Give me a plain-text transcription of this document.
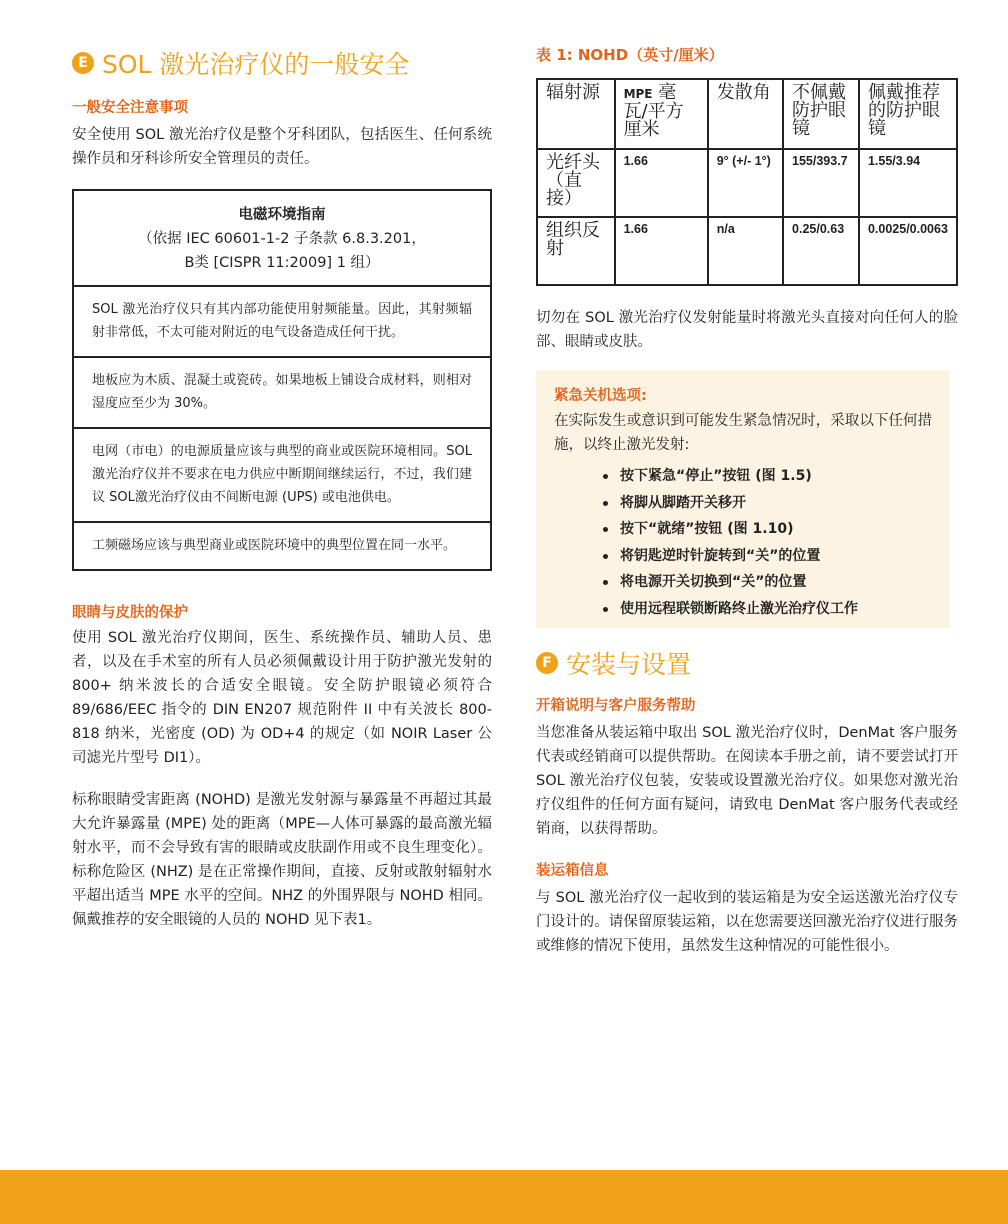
E SOL 激光治疗仪的一般安全
一般安全注意事项

安全使用 SOL 激光治疗仪是整个牙科团队，包括医生、任何系统操作员和牙科诊所安全管理员的责任。

电磁环境指南
（依据 IEC 60601-1-2 子条款 6.8.3.201，
B类 [CISPR 11:2009] 1 组）
SOL 激光治疗仪只有其内部功能使用射频能量。因此，其射频辐射非常低，不太可能对附近的电气设备造成任何干扰。
地板应为木质、混凝土或瓷砖。如果地板上铺设合成材料，则相对湿度应至少为 30%。
电网（市电）的电源质量应该与典型的商业或医院环境相同。SOL激光治疗仪并不要求在电力供应中断期间继续运行，不过，我们建议 SOL激光治疗仪由不间断电源 (UPS) 或电池供电。
工频磁场应该与典型商业或医院环境中的典型位置在同一水平。
眼睛与皮肤的保护

使用 SOL 激光治疗仪期间，医生、系统操作员、辅助人员、患者，以及在手术室的所有人员必须佩戴设计用于防护激光发射的 800+ 纳米波长的合适安全眼镜。安全防护眼镜必须符合 89/686/EEC 指令的 DIN EN207 规范附件 II 中有关波长 800-818 纳米，光密度 (OD) 为 OD+4 的规定（如 NOIR Laser 公司滤光片型号 DI1）。

标称眼睛受害距离 (NOHD) 是激光发射源与暴露量不再超过其最大允许暴露量 (MPE) 处的距离（MPE—人体可暴露的最高激光辐射水平，而不会导致有害的眼睛或皮肤副作用或不良生理变化）。标称危险区 (NHZ) 是在正常操作期间，直接、反射或散射辐射水平超出适当 MPE 水平的空间。NHZ 的外围界限与 NOHD 相同。佩戴推荐的安全眼镜的人员的 NOHD 见下表1。

表 1: NOHD（英寸/厘米）
辐射源	MPE 毫瓦/平方厘米	发散角	不佩戴防护眼镜	佩戴推荐的防护眼镜
光纤头（直接）	1.66	9° (+/- 1°)	155/393.7	1.55/3.94
组织反射	1.66	n/a	0.25/0.63	0.0025/0.0063

切勿在 SOL 激光治疗仪发射能量时将激光头直接对向任何人的脸部、眼睛或皮肤。

紧急关机选项:

在实际发生或意识到可能发生紧急情况时，采取以下任何措施，以终止激光发射:

按下紧急“停止”按钮 (图 1.5)
将脚从脚踏开关移开
按下“就绪”按钮 (图 1.10)
将钥匙逆时针旋转到“关”的位置
将电源开关切换到“关”的位置
使用远程联锁断路终止激光治疗仪工作
F 安装与设置
开箱说明与客户服务帮助

当您准备从装运箱中取出 SOL 激光治疗仪时，DenMat 客户服务代表或经销商可以提供帮助。在阅读本手册之前，请不要尝试打开 SOL 激光治疗仪包装，安装或设置激光治疗仪。如果您对激光治疗仪组件的任何方面有疑问，请致电 DenMat 客户服务代表或经销商，以获得帮助。

装运箱信息

与 SOL 激光治疗仪一起收到的装运箱是为安全运送激光治疗仪专门设计的。请保留原装运箱，以在您需要送回激光治疗仪进行服务或维修的情况下使用，虽然发生这种情况的可能性很小。
